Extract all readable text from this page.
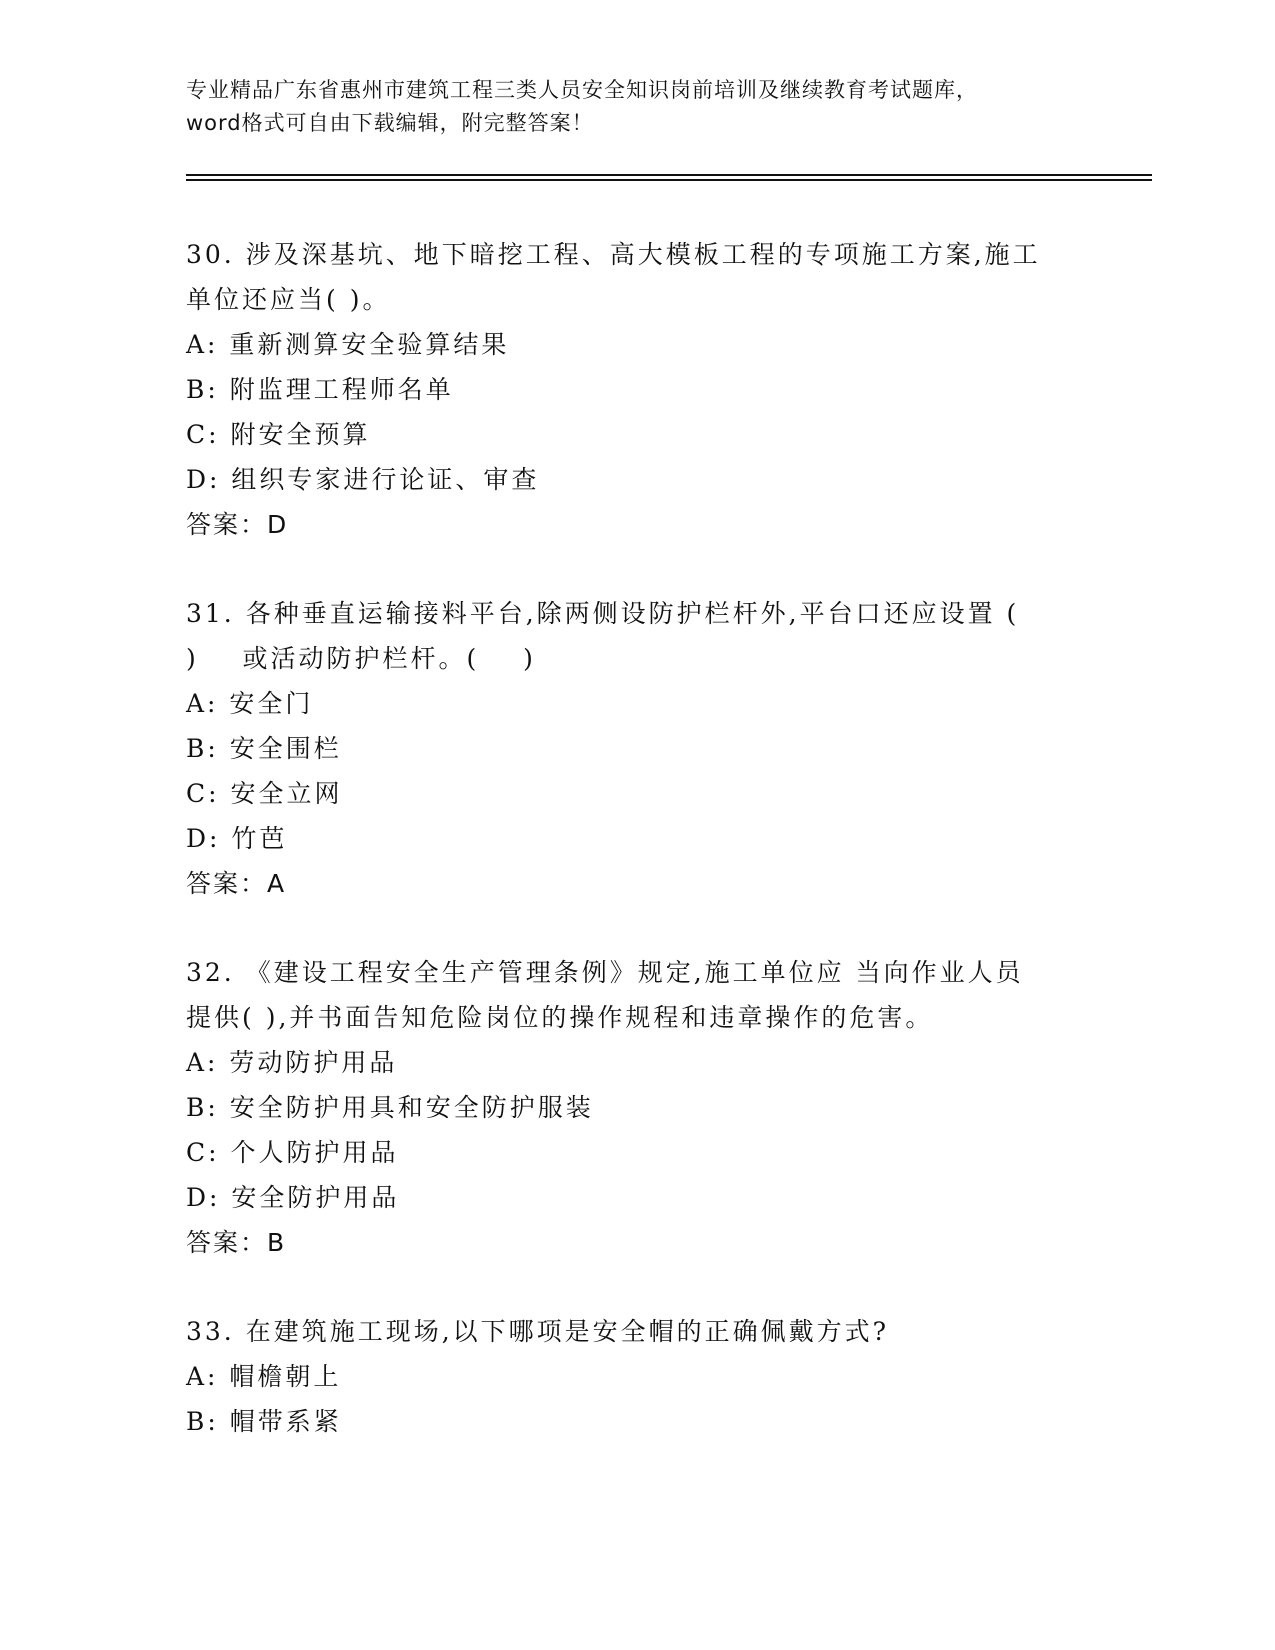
专业精品广东省惠州市建筑工程三类人员安全知识岗前培训及继续教育考试题库，
word格式可自由下载编辑，附完整答案！
30. 涉及深基坑、地下暗挖工程、高大模板工程的专项施工方案,施工
单位还应当( )。
A: 重新测算安全验算结果
B: 附监理工程师名单
C: 附安全预算
D: 组织专家进行论证、审查
答案：D
31. 各种垂直运输接料平台,除两侧设防护栏杆外,平台口还应设置 (
)    或活动防护栏杆。(    )
A: 安全门
B: 安全围栏
C: 安全立网
D: 竹芭
答案：A
32. 《建设工程安全生产管理条例》规定,施工单位应 当向作业人员
提供( ),并书面告知危险岗位的操作规程和违章操作的危害。
A: 劳动防护用品
B: 安全防护用具和安全防护服装
C: 个人防护用品
D: 安全防护用品
答案：B
33. 在建筑施工现场,以下哪项是安全帽的正确佩戴方式?
A: 帽檐朝上
B: 帽带系紧
